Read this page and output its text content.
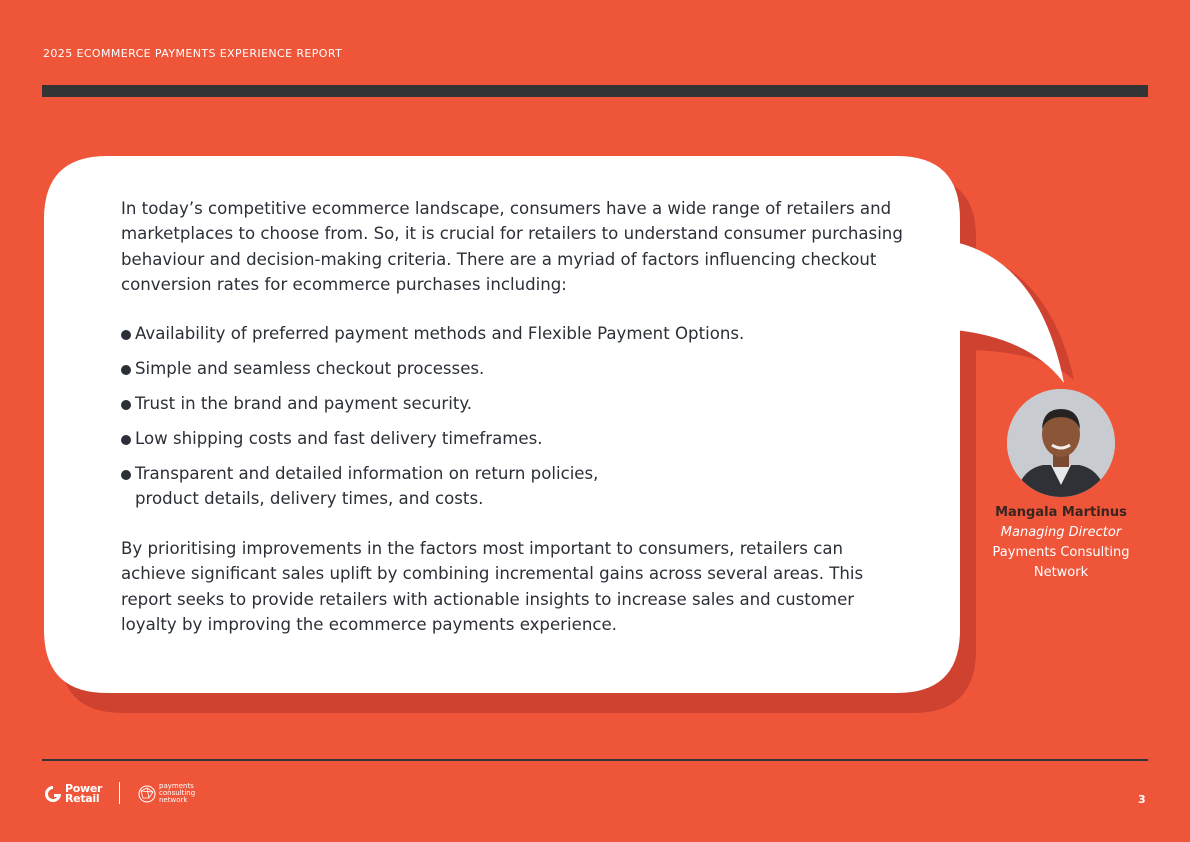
2025 ECOMMERCE PAYMENTS EXPERIENCE REPORT

In today’s competitive ecommerce landscape, consumers have a wide range of retailers and marketplaces to choose from. So, it is crucial for retailers to understand consumer purchasing behaviour and decision-making criteria. There are a myriad of factors influencing checkout conversion rates for ecommerce purchases including:

Availability of preferred payment methods and Flexible Payment Options.
Simple and seamless checkout processes.
Trust in the brand and payment security.
Low shipping costs and fast delivery timeframes.
Transparent and detailed information on return policies, product details, delivery times, and costs.

By prioritising improvements in the factors most important to consumers, retailers can achieve significant sales uplift by combining incremental gains across several areas. This report seeks to provide retailers with actionable insights to increase sales and customer loyalty by improving the ecommerce payments experience.

Mangala Martinus
Managing Director
Payments Consulting Network
Power
Retail
payments
consulting
network	3
